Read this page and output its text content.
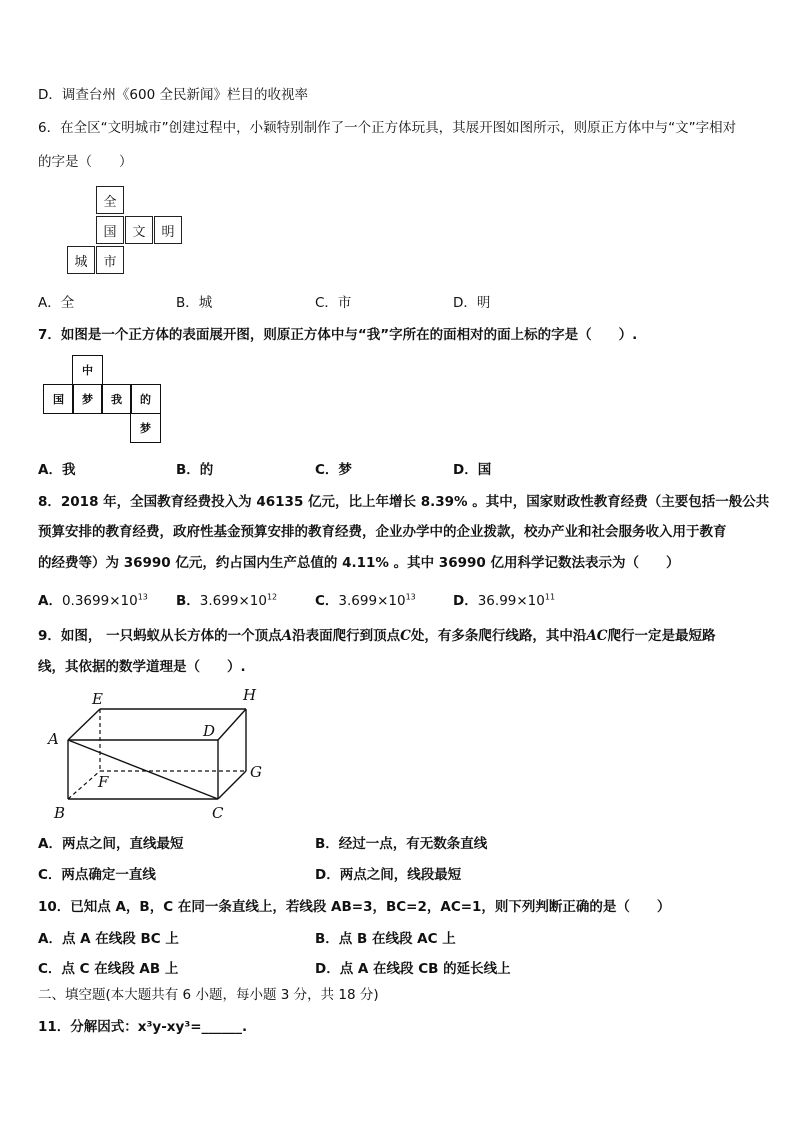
D．调查台州《600 全民新闻》栏目的收视率
6．在全区“文明城市”创建过程中，小颖特别制作了一个正方体玩具，其展开图如图所示，则原正方体中与“文”字相对
的字是（　　）
全
国	文	明
城	市
A．全	B．城	C．市	D．明
7．如图是一个正方体的表面展开图，则原正方体中与“我”字所在的面相对的面上标的字是（　　）.
中
国	梦	我	的
梦
A．我	B．的	C．梦	D．国
8．2018 年，全国教育经费投入为 46135 亿元，比上年增长 8.39% 。其中，国家财政性教育经费（主要包括一般公共
预算安排的教育经费，政府性基金预算安排的教育经费，企业办学中的企业拨款，校办产业和社会服务收入用于教育
的经费等）为 36990 亿元，约占国内生产总值的 4.11% 。其中 36990 亿用科学记数法表示为（　　）
A．$0.3699\times 10^{13}$ B．$3.699\times 10^{12}$	C．$3.699\times 10^{13}$	D．$36.99\times 10^{11}$
9．如图， 一只蚂蚁从长方体的一个顶点A沿表面爬行到顶点C处，有多条爬行线路，其中沿AC爬行一定是最短路
线，其依据的数学道理是（　　）.
A
B	C
D
E
F
G
H
A．两点之间，直线最短	B．经过一点，有无数条直线
C．两点确定一直线	D．两点之间，线段最短
10．已知点 A，B，C 在同一条直线上，若线段 AB=3，BC=2，AC=1，则下列判断正确的是（　　）
A．点 A 在线段 BC 上	B．点 B 在线段 AC 上
C．点 C 在线段 AB 上	D．点 A 在线段 CB 的延长线上
二、填空题(本大题共有 6 小题，每小题 3 分，共 18 分)
11．分解因式：x³y-xy³=______.
